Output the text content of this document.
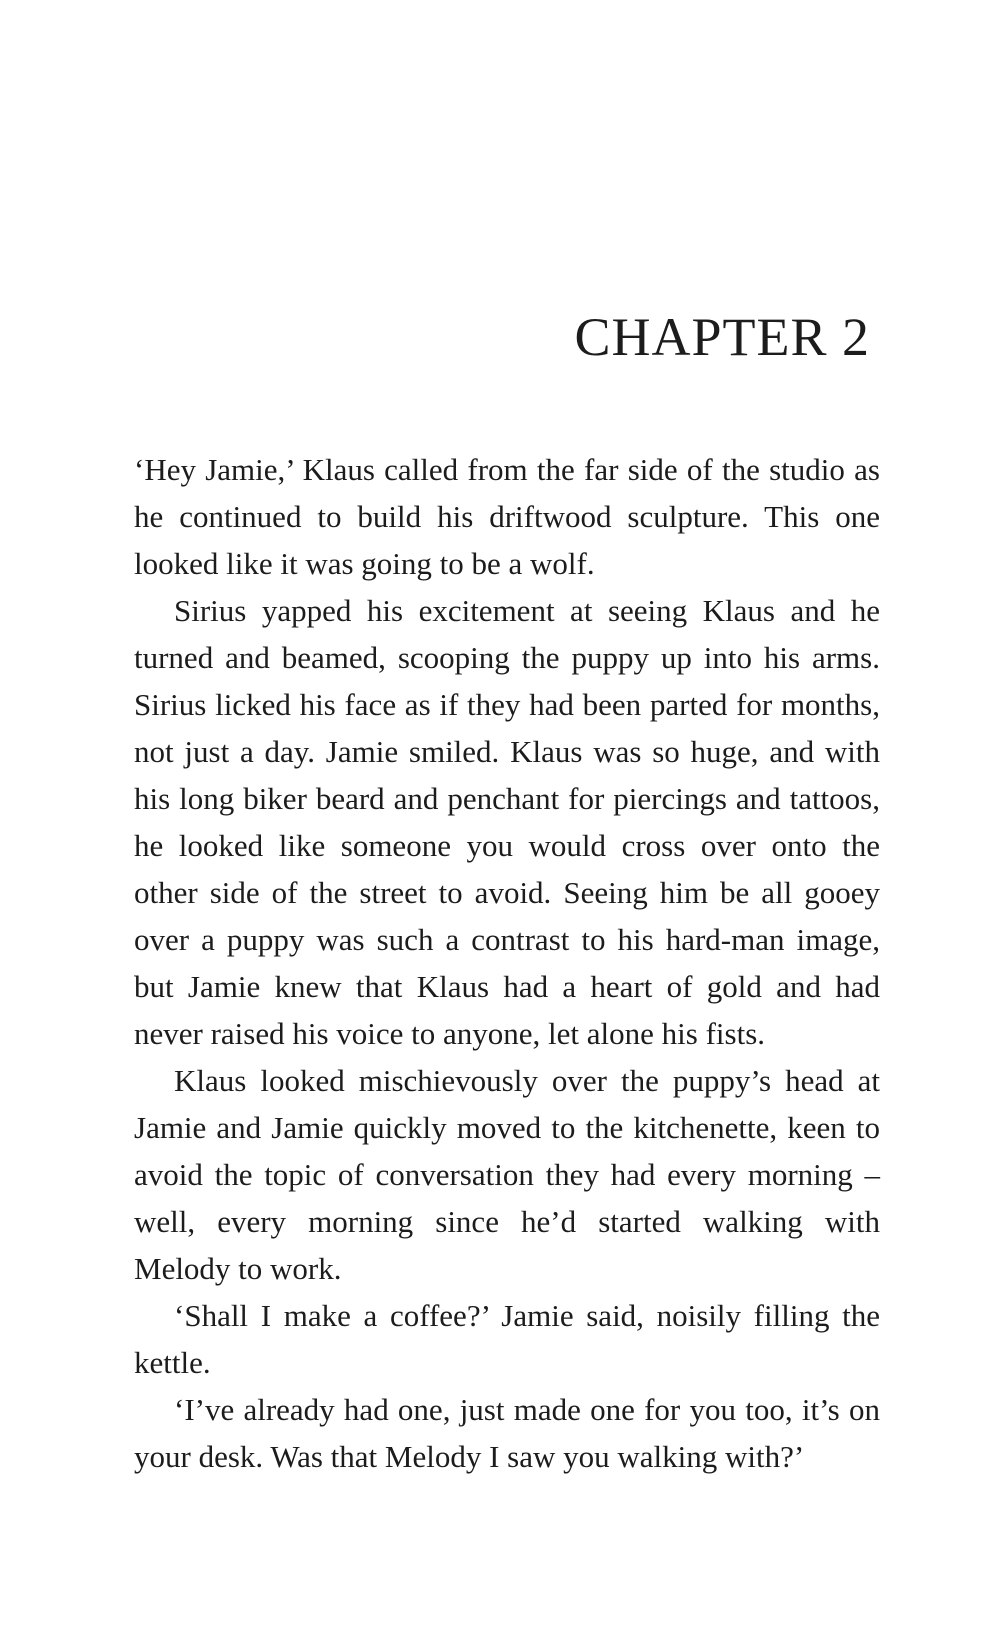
CHAPTER 2

‘Hey Jamie,’ Klaus called from the far side of the studio as he continued to build his driftwood sculpture. This one looked like it was going to be a wolf.

Sirius yapped his excitement at seeing Klaus and he turned and beamed, scooping the puppy up into his arms. Sirius licked his face as if they had been parted for months, not just a day. Jamie smiled. Klaus was so huge, and with his long biker beard and penchant for piercings and tattoos, he looked like someone you would cross over onto the other side of the street to avoid. Seeing him be all gooey over a puppy was such a contrast to his hard-man image, but Jamie knew that Klaus had a heart of gold and had never raised his voice to anyone, let alone his fists.

Klaus looked mischievously over the puppy’s head at Jamie and Jamie quickly moved to the kitchenette, keen to avoid the topic of conversation they had every morning – well, every morning since he’d started walking with Melody to work.

‘Shall I make a coffee?’ Jamie said, noisily filling the kettle.

‘I’ve already had one, just made one for you too, it’s on your desk. Was that Melody I saw you walking with?’
